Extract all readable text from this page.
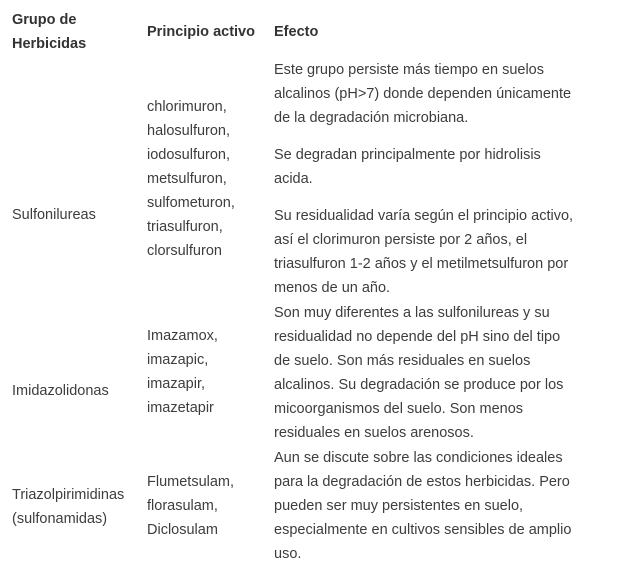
Grupo de
Herbicidas
Principio activo Efecto
Sulfonilureas
chlorimuron,
halosulfuron,
iodosulfuron,
metsulfuron,
sulfometuron,
triasulfuron,
clorsulfuron
Este grupo persiste más tiempo en suelos
alcalinos (pH>7) donde dependen únicamente
de la degradación microbiana.
Se degradan principalmente por hidrolisis
acida.
Su residualidad varía según el principio activo,
así el clorimuron persiste por 2 años, el
triasulfuron 1-2 años y el metilmetsulfuron por
menos de un año.
Imidazolidonas
Imazamox,
imazapic,
imazapir,
imazetapir
Son muy diferentes a las sulfonilureas y su
residualidad no depende del pH sino del tipo
de suelo. Son más residuales en suelos
alcalinos. Su degradación se produce por los
micoorganismos del suelo. Son menos
residuales en suelos arenosos.
Triazolpirimidinas
(sulfonamidas)
Flumetsulam,
florasulam,
Diclosulam
Aun se discute sobre las condiciones ideales
para la degradación de estos herbicidas. Pero
pueden ser muy persistentes en suelo,
especialmente en cultivos sensibles de amplio
uso.
